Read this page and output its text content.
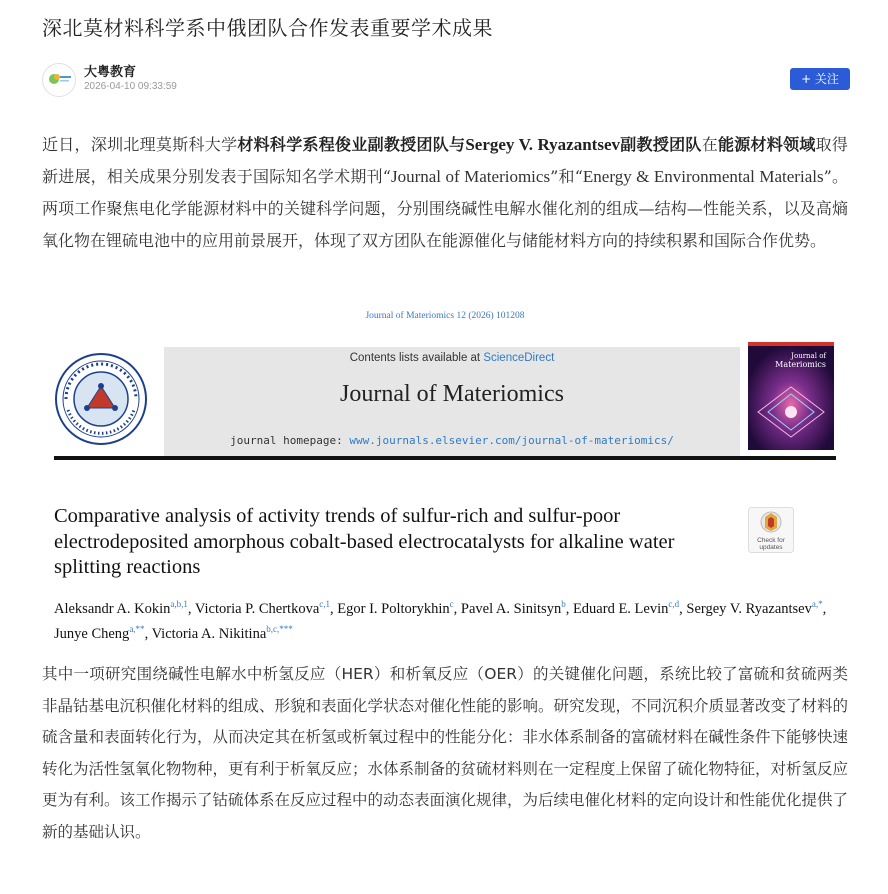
深北莫材料科学系中俄团队合作发表重要学术成果
大粤教育
2026-04-10 09:33:59
+ 关注
近日，深圳北理莫斯科大学材料科学系程俊业副教授团队与Sergey V. Ryazantsev副教授团队在能源材料领域取得新进展，相关成果分别发表于国际知名学术期刊“Journal of Materiomics”和“Energy & Environmental Materials”。两项工作聚焦电化学能源材料中的关键科学问题，分别围绕碱性电解水催化剂的组成—结构—性能关系，以及高熵氧化物在锂硫电池中的应用前景展开，体现了双方团队在能源催化与储能材料方向的持续积累和国际合作优势。
Journal of Materiomics 12 (2026) 101208
Contents lists available at ScienceDirect
Journal of Materiomics
journal homepage: www.journals.elsevier.com/journal-of-materiomics/
Journal of
Materiomics
Comparative analysis of activity trends of sulfur-rich and sulfur-poor electrodeposited amorphous cobalt-based electrocatalysts for alkaline water splitting reactions
Check for
updates
Aleksandr A. Kokin$^{a,b,1}$, Victoria P. Chertkova$^{c,1}$, Egor I. Poltorykhin$^c$, Pavel A. Sinitsyn$^b$, Eduard E. Levin$^{c,d}$, Sergey V. Ryazantsev$^{a,*}$, Junye Cheng$^{a,**}$, Victoria A. Nikitina$^{b,c,***}$
其中一项研究围绕碱性电解水中析氢反应（HER）和析氧反应（OER）的关键催化问题，系统比较了富硫和贫硫两类非晶钴基电沉积催化材料的组成、形貌和表面化学状态对催化性能的影响。研究发现，不同沉积介质显著改变了材料的硫含量和表面转化行为，从而决定其在析氢或析氧过程中的性能分化：非水体系制备的富硫材料在碱性条件下能够快速转化为活性氢氧化物物种，更有利于析氧反应；水体系制备的贫硫材料则在一定程度上保留了硫化物特征，对析氢反应更为有利。该工作揭示了钴硫体系在反应过程中的动态表面演化规律，为后续电催化材料的定向设计和性能优化提供了新的基础认识。
